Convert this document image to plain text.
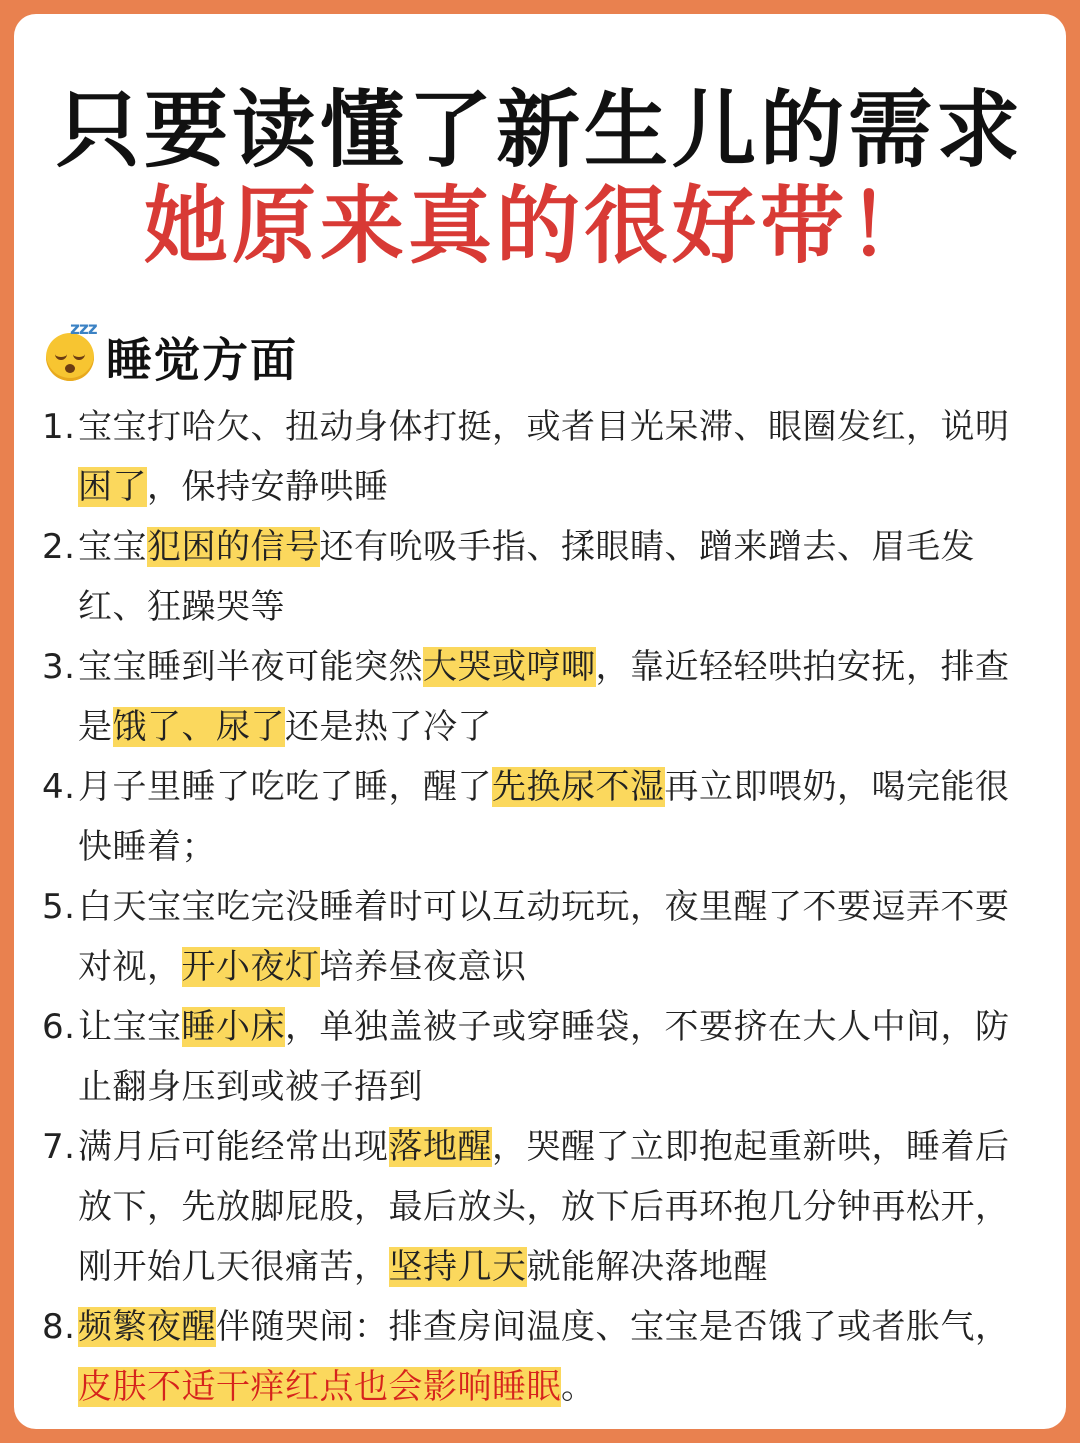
只要读懂了新生儿的需求
她原来真的很好带！
zzz
睡觉方面
1. 宝宝打哈欠、扭动身体打挺，或者目光呆滞、眼圈发红，说明困了，保持安静哄睡
2. 宝宝犯困的信号还有吮吸手指、揉眼睛、蹭来蹭去、眉毛发红、狂躁哭等
3. 宝宝睡到半夜可能突然大哭或哼唧，靠近轻轻哄拍安抚，排查是饿了、尿了还是热了冷了
4. 月子里睡了吃吃了睡，醒了先换尿不湿再立即喂奶，喝完能很快睡着；
5. 白天宝宝吃完没睡着时可以互动玩玩，夜里醒了不要逗弄不要对视，开小夜灯培养昼夜意识
6. 让宝宝睡小床，单独盖被子或穿睡袋，不要挤在大人中间，防止翻身压到或被子捂到
7. 满月后可能经常出现落地醒，哭醒了立即抱起重新哄，睡着后放下，先放脚屁股，最后放头，放下后再环抱几分钟再松开，刚开始几天很痛苦，坚持几天就能解决落地醒
8. 频繁夜醒伴随哭闹：排查房间温度、宝宝是否饿了或者胀气，皮肤不适干痒红点也会影响睡眠。
